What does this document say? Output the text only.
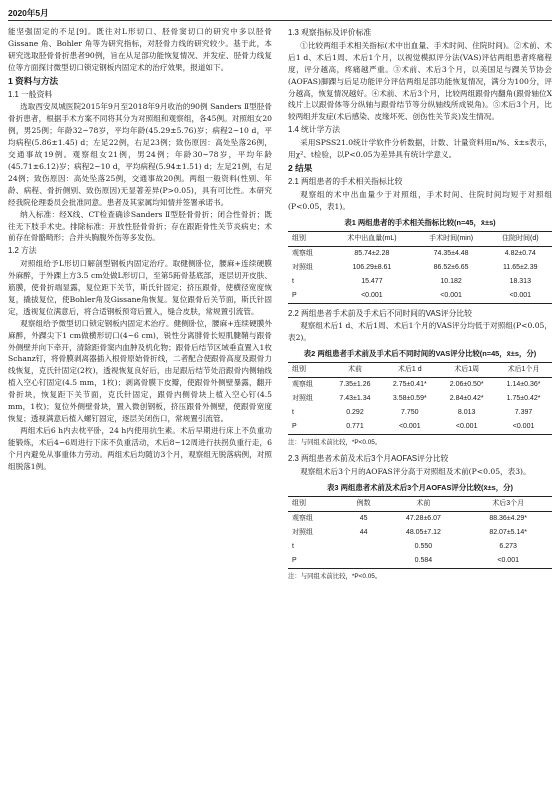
2020年5月

能坚强固定的不足[9]。既往对L形切口、胫骨窦切口的研究中多以胫骨 Gissane 角、Bohler 角等为研究指标，对胫骨力线的研究较少。基于此，本研究选取胫骨骨折患者90例，旨在从足部功能恢复情况、并发症、胫骨力线复位等方面探讨微型切口锁定钢板内固定术的治疗效果，报道如下。

1 资料与方法
1.1 一般资料

选取西安凤城医院2015年9月至2018年9月收治的90例 Sanders Ⅱ型胫骨骨折患者，根据手术方案不同将其分为对照组和观察组，各45例。对照组女20例，男25例；年龄32~78岁，平均年龄(45.29±5.76)岁；病程2~10 d，平均病程(5.86±1.45) d；左足22例，右足23例；致伤原因：高处坠落26例，交通事故19例。观察组女21例，男24例；年龄30~78岁，平均年龄(45.71±6.12)岁；病程2~10 d，平均病程(5.94±1.51) d；左足21例，右足24例；致伤原因：高处坠落25例，交通事故20例。两组一般资料(性别、年龄、病程、骨折侧别、致伤原因)无显著差异(P>0.05)，具有可比性。本研究经我院伦理委员会批准同意。患者及其家属均知情并签署承诺书。

纳入标准：经X线、CT检查确诊Sanders Ⅱ型胫骨骨折；闭合性骨折；既往无下肢手术史。排除标准：开放性胫骨骨折；存在跟距骨性关节炎病史；术前存在骨骼畸形；合并头胸腹外伤等多发伤。

1.2 方法

对照组给予L形切口解剖型钢板内固定治疗。取健侧卧位，腰麻+连续硬膜外麻醉，于外踝上方3.5 cm处做L形切口，至第5跖骨基底部，逐层切开皮肤、筋膜，使骨折端显露，复位距下关节，斯氏针固定；挤压跟骨，使横径宽度恢复，撬拔复位，使Bohler角及Gissane角恢复。复位跟骨后关节面，斯氏针固定，透视复位满意后，将合适钢板预弯后置入，缝合皮肤，常规置引流管。

观察组给予微型切口锁定钢板内固定术治疗。健侧卧位，腰麻+连续硬膜外麻醉，外踝尖下1 cm做横形切口(4~6 cm)，锐性分离腓骨长短肌腱鞘与跟骨外侧壁并向下牵开，清除距骨窦内血肿及机化物；跟骨后结节区域垂直置入1枚Schanz钉，将骨膜剥离器插入根骨原始骨折线，二者配合使跟骨高度及跟骨力线恢复，克氏针固定(2枚)，透视恢复良好后，由足跟后结节处沿跟骨内侧轴线植入空心钉固定(4.5 mm，1枚)；剥离骨膜下皮瓣，使跟骨外侧壁暴露，翻开骨折块，恢复距下关节面，克氏针固定，跟骨内侧骨块上植入空心钉(4.5 mm，1枚)；复位外侧壁骨块，置入微创钢板，挤压跟骨外侧壁，使跟骨宽度恢复；透视满意后植入螺钉固定，逐层关闭伤口，常规置引流管。

两组术后6 h内去枕平卧，24 h内使用抗生素。术后早期进行床上不负重功能锻炼，术后4~6周进行下床不负重活动，术后8~12周进行扶拐负重行走，6个月内避免从事重体力劳动。两组术后均随访3个月，观察组无脱落病例，对照组脱落1例。

1.3 观察指标及评价标准

①比较两组手术相关指标(术中出血量、手术时间、住院时间)。②术前、术后1 d、术后1周、术后1个月，以视觉模拟评分法(VAS)评估两组患者疼痛程度，评分越高，疼痛越严重。③术前、术后3个月，以美国足与踝关节协会(AOFAS)脚踝与后足功能评分评估两组足部功能恢复情况，满分为100分，评分越高，恢复情况越好。④术前、术后3个月，比较两组跟骨内翻角(跟骨轴位X线片上以跟骨体等分纵轴与跟骨结节等分纵轴线所成锐角)。⑤术后3个月，比较两组并发症(术后感染、皮缘坏死、创伤性关节炎)发生情况。

1.4 统计学方法

采用SPSS21.0统计学软件分析数据，计数、计量资料用n/%、x̄±s表示，用χ²、t检验，以P<0.05为差异具有统计学意义。

2 结果
2.1 两组患者的手术相关指标比较

观察组的术中出血量少于对照组，手术时间、住院时间均短于对照组(P<0.05，表1)。

表1 两组患者的手术相关指标比较(n=45，x̄±s)
组别	术中出血量(mL)	手术时间(min)	住院时间(d)
观察组	85.74±2.28	74.35±4.48	4.82±0.74
对照组	106.29±8.61	86.52±6.65	11.65±2.39
t	15.477	10.182	18.313
P	<0.001	<0.001	<0.001
2.2 两组患者手术前及手术后不同时间的VAS评分比较

观察组术后1 d、术后1周、术后1个月的VAS评分均低于对照组(P<0.05，表2)。

表2 两组患者手术前及手术后不同时间的VAS评分比较(n=45，x̄±s，分)
组别	术前	术后1 d	术后1周	术后1个月
观察组	7.35±1.26	2.75±0.41*	2.06±0.50*	1.14±0.36*
对照组	7.43±1.34	3.58±0.59*	2.84±0.42*	1.75±0.42*
t	0.292	7.750	8.013	7.397
P	0.771	<0.001	<0.001	<0.001
注：与同组术前比较，*P<0.05。
2.3 两组患者术前及术后3个月AOFAS评分比较

观察组术后3个月的AOFAS评分高于对照组及术前(P<0.05，表3)。

表3 两组患者术前及术后3个月AOFAS评分比较(x̄±s，分)
组别	例数	术前	术后3个月
观察组	45	47.28±6.07	88.36±4.29*
对照组	44	48.05±7.12	82.07±5.14*
t		0.550	6.273
P		0.584	<0.001
注：与同组术前比较，*P<0.05。
